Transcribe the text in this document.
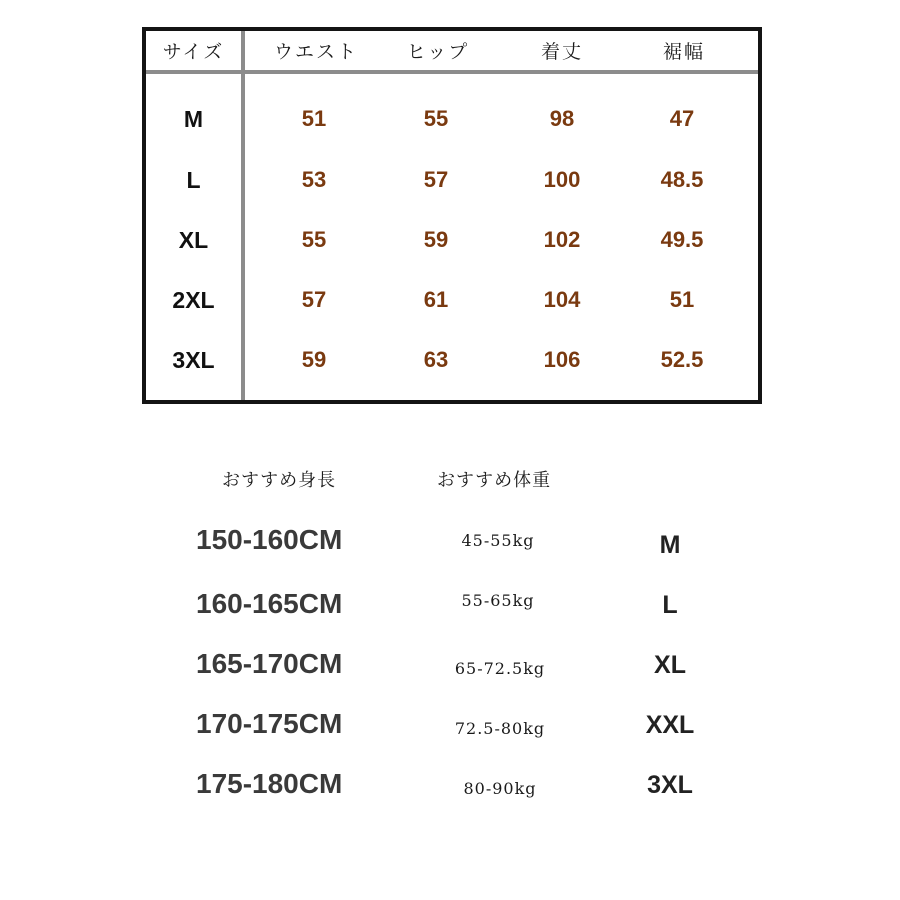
サイズ	ウエスト	ヒップ	着丈	裾幅
M	51	55	98	47
L	53	57	100	48.5
XL	55	59	102	49.5
2XL	57	61	104	51
3XL	59	63	106	52.5
おすすめ身長	おすすめ体重
150-160CM	45-55kg	M
160-165CM	55-65kg	L
165-170CM	65-72.5kg	XL
170-175CM	72.5-80kg	XXL
175-180CM	80-90kg	3XL
